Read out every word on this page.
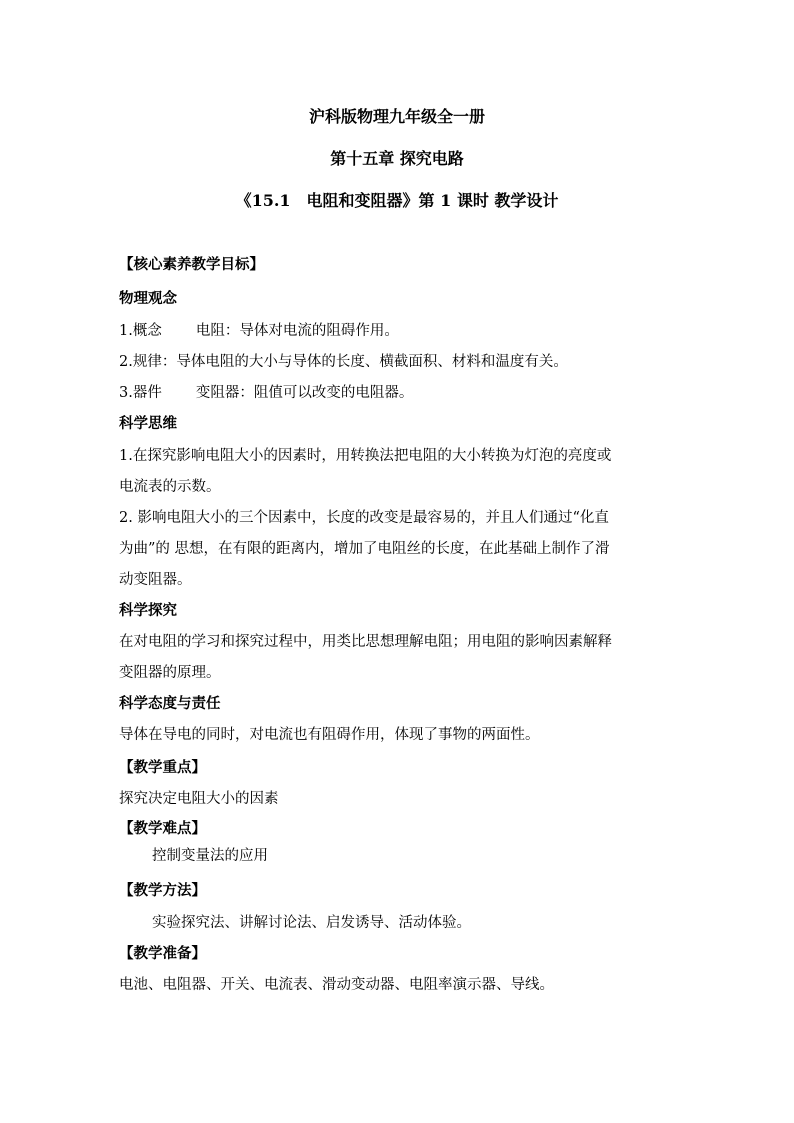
沪科版物理九年级全一册
第十五章 探究电路
《15.1　电阻和变阻器》第 1 课时 教学设计
【核心素养教学目标】
物理观念
1.概念 电阻：导体对电流的阻碍作用。
2.规律：导体电阻的大小与导体的长度、横截面积、材料和温度有关。
3.器件 变阻器：阻值可以改变的电阻器。
科学思维
1.在探究影响电阻大小的因素时，用转换法把电阻的大小转换为灯泡的亮度或
电流表的示数。
2. 影响电阻大小的三个因素中，长度的改变是最容易的，并且人们通过“化直
为曲”的 思想，在有限的距离内，增加了电阻丝的长度，在此基础上制作了滑
动变阻器。
科学探究
在对电阻的学习和探究过程中，用类比思想理解电阻；用电阻的影响因素解释
变阻器的原理。
科学态度与责任
导体在导电的同时，对电流也有阻碍作用，体现了事物的两面性。
【教学重点】
探究决定电阻大小的因素
【教学难点】
控制变量法的应用
【教学方法】
实验探究法、讲解讨论法、启发诱导、活动体验。
【教学准备】
电池、电阻器、开关、电流表、滑动变动器、电阻率演示器、导线。
